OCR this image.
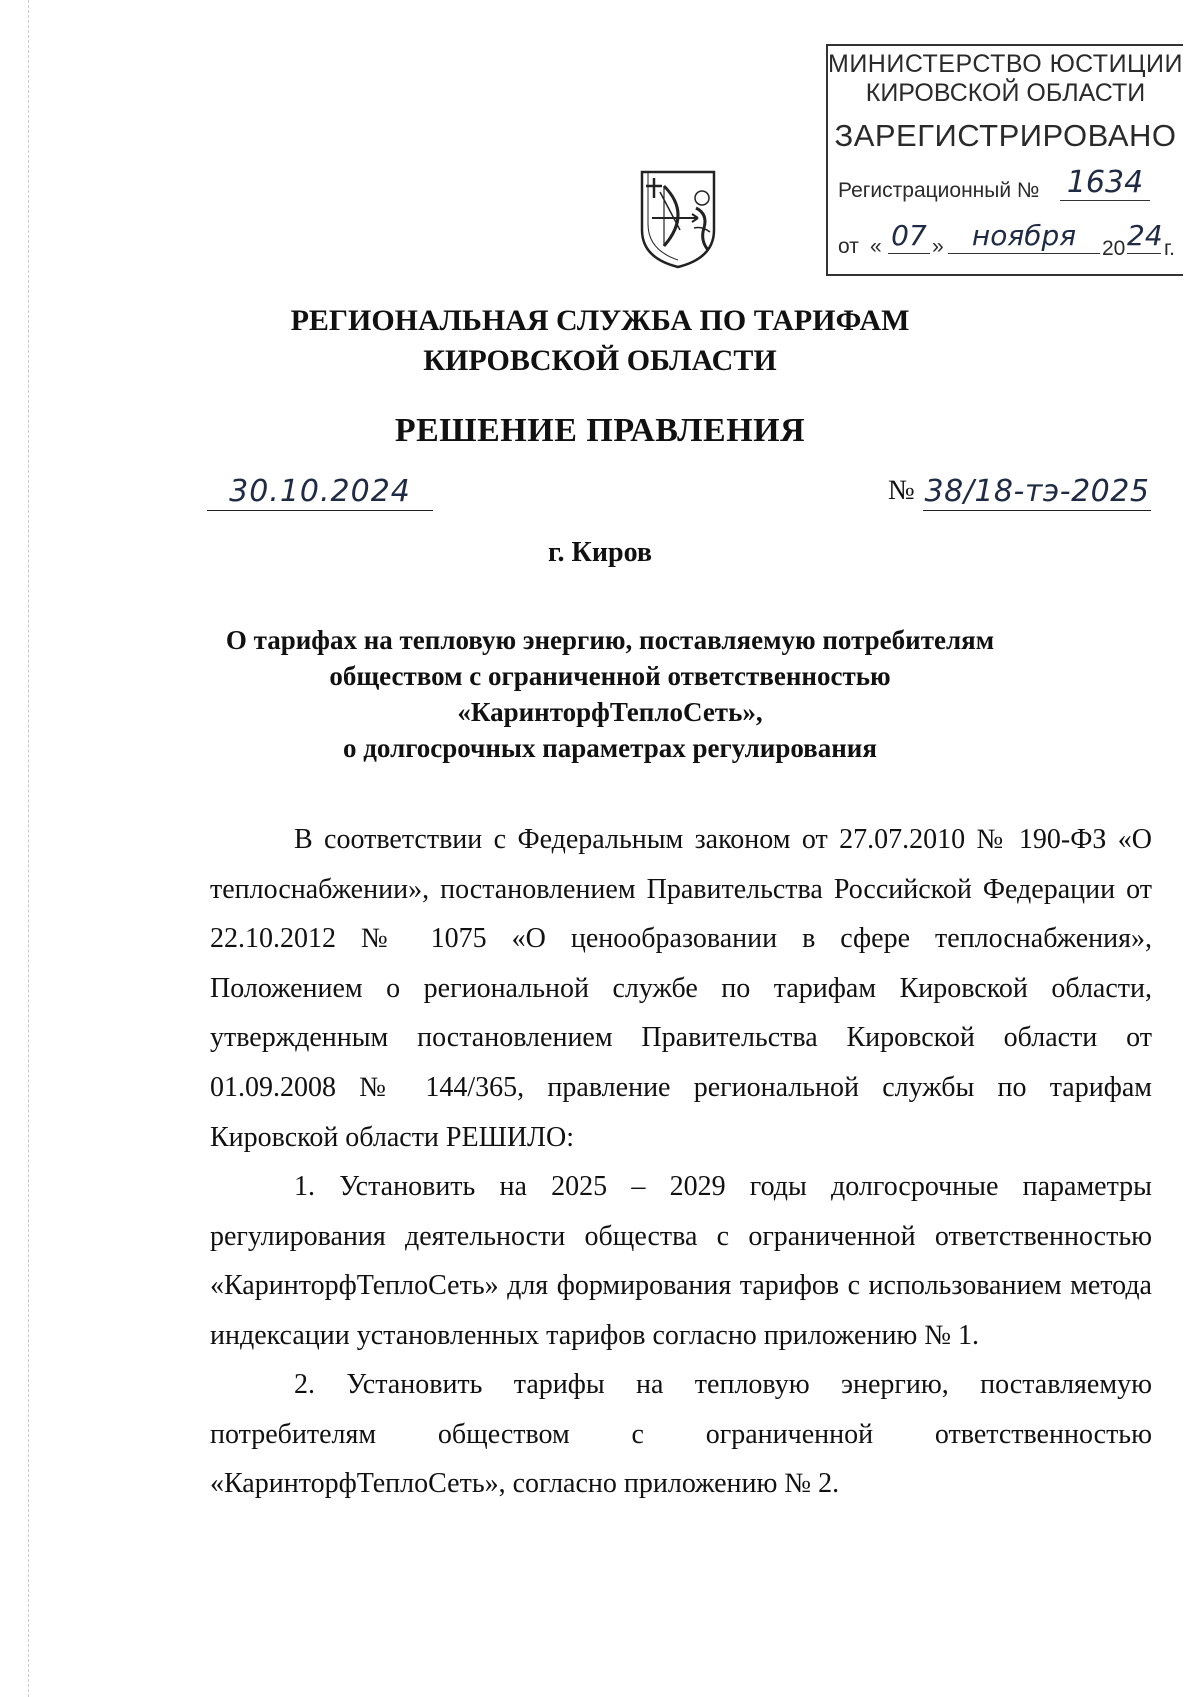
МИНИСТЕРСТВО ЮСТИЦИИ
КИРОВСКОЙ ОБЛАСТИ
ЗАРЕГИСТРИРОВАНО
Регистрационный № 1634
от « 07 »	ноября	20 24 г.
РЕГИОНАЛЬНАЯ СЛУЖБА ПО ТАРИФАМ
КИРОВСКОЙ ОБЛАСТИ
РЕШЕНИЕ ПРАВЛЕНИЯ
30.10.2024	№ 38/18-тэ-2025
г. Киров
О тарифах на тепловую энергию, поставляемую потребителям
обществом с ограниченной ответственностью
«КаринторфТеплоСеть»,
о долгосрочных параметрах регулирования

В соответствии с Федеральным законом от 27.07.2010 № 190-ФЗ «О теплоснабжении», постановлением Правительства Российской Федерации от 22.10.2012 № 1075 «О ценообразовании в сфере теплоснабжения», Положением о региональной службе по тарифам Кировской области, утвержденным постановлением Правительства Кировской области от 01.09.2008 № 144/365, правление региональной службы по тарифам Кировской области РЕШИЛО:

1. Установить на 2025 – 2029 годы долгосрочные параметры регулирования деятельности общества с ограниченной ответственностью «КаринторфТеплоСеть» для формирования тарифов с использованием метода индексации установленных тарифов согласно приложению № 1.

2. Установить тарифы на тепловую энергию, поставляемую потребителям обществом с ограниченной ответственностью «КаринторфТеплоСеть», согласно приложению № 2.
